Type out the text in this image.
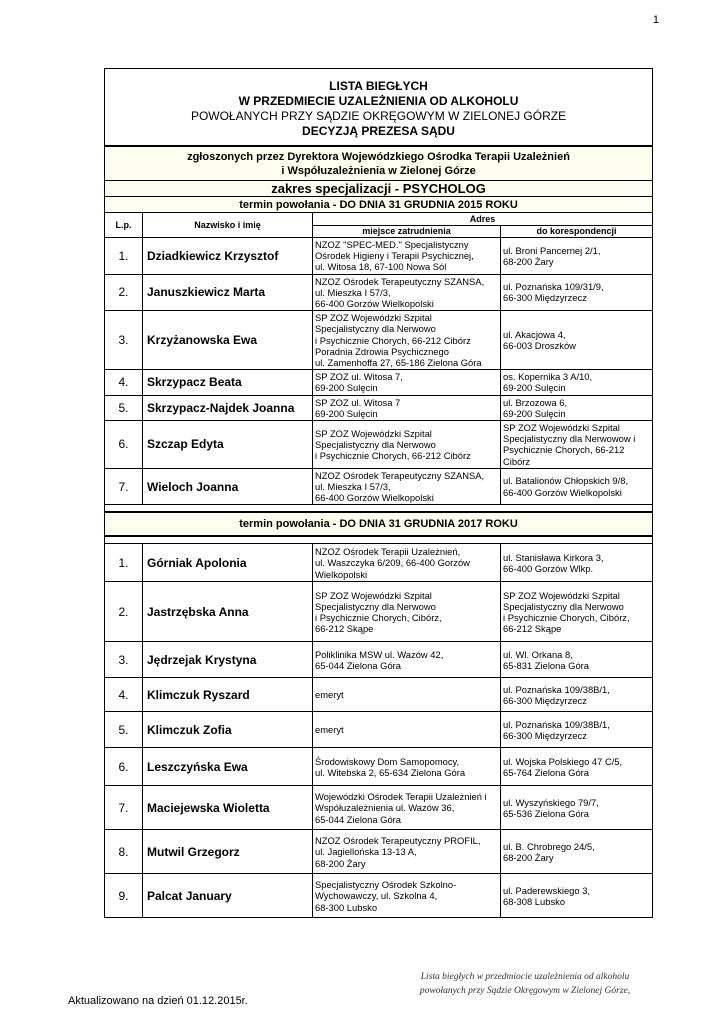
1
LISTA BIEGŁYCH
W PRZEDMIECIE UZALEŻNIENIA OD ALKOHOLU
POWOŁANYCH PRZY SĄDZIE OKRĘGOWYM W ZIELONEJ GÓRZE
DECYZJĄ PREZESA SĄDU			

zgłoszonych przez Dyrektora Wojewódzkiego Ośrodka Terapii Uzależnień
i Współuzależnienia w Zielonej Górze			

zakres specjalizacji - PSYCHOLOG			
termin powołania - DO DNIA 31 GRUDNIA 2015 ROKU			
L.p.	Nazwisko i imię	Adres	
		miejsce zatrudnienia	do korespondencji
1.	Dziadkiewicz Krzysztof	NZOZ "SPEC-MED." Specjalistyczny
Ośrodek Higieny i Terapii Psychicznej,
ul. Witosa 18, 67-100 Nowa Sól	ul. Broni Pancernej 2/1,
68-200 Żary
2.	Januszkiewicz Marta	NZOZ Ośrodek Terapeutyczny SZANSA,
ul. Mieszka I 57/3,
66-400 Gorzów Wielkopolski	ul. Poznańska 109/31/9,
66-300 Międzyrzecz
3.	Krzyżanowska Ewa	SP ZOZ Wojewódzki Szpital
Specjalistyczny dla Nerwowo
i Psychicznie Chorych, 66-212 Cibórz
Poradnia Zdrowia Psychicznego
ul. Zamenhoffa 27, 65-186 Zielona Góra	ul. Akacjowa 4,
66-003 Droszków
4.	Skrzypacz Beata	SP ZOZ ul. Witosa 7,
69-200 Sulęcin	os. Kopernika 3 A/10,
69-200 Sulęcin
5.	Skrzypacz-Najdek Joanna	SP ZOZ ul. Witosa 7
69-200 Sulęcin	ul. Brzozowa 6,
69-200 Sulęcin
6.	Szczap Edyta	SP ZOZ Wojewódzki Szpital
Specjalistyczny dla Nerwowo
i Psychicznie Chorych, 66-212 Cibórz	SP ZOZ Wojewódzki Szpital
Specjalistyczny dla Nerwowow i
Psychicznie Chorych, 66-212
Cibórz
7.	Wieloch Joanna	NZOZ Ośrodek Terapeutyczny SZANSA,
ul. Mieszka I 57/3,
66-400 Gorzów Wielkopolski	ul. Batalionów Chłopskich 9/8,
66-400 Gorzów Wielkopolski

termin powołania - DO DNIA 31 GRUDNIA 2017 ROKU			

1.	Górniak Apolonia	NZOZ Ośrodek Terapii Uzależnień,
ul. Waszczyka 6/209, 66-400 Gorzów
Wielkopolski	ul. Stanisława Kirkora 3,
66-400 Gorzów Wlkp.
2.	Jastrzębska Anna	SP ZOZ Wojewódzki Szpital
Specjalistyczny dla Nerwowo
i Psychicznie Chorych, Cibórz,
66-212 Skąpe	SP ZOZ Wojewódzki Szpital
Specjalistyczny dla Nerwowo
i Psychicznie Chorych, Cibórz,
66-212 Skąpe
3.	Jędrzejak Krystyna	Poliklinika MSW ul. Wazów 42,
65-044 Zielona Góra	ul. Wl. Orkana 8,
65-831 Zielona Góra
4.	Klimczuk Ryszard	emeryt	ul. Poznańska 109/38B/1,
66-300 Międzyrzecz
5.	Klimczuk Zofia	emeryt	ul. Poznańska 109/38B/1,
66-300 Międzyrzecz
6.	Leszczyńska Ewa	Środowiskowy Dom Samopomocy,
ul. Witebska 2, 65-634 Zielona Góra	ul. Wojska Polskiego 47 C/5,
65-764 Zielona Góra
7.	Maciejewska Wioletta	Wojewódzki Ośrodek Terapii Uzależnień i
Współuzależnienia ul. Wazów 36,
65-044 Zielona Góra	ul. Wyszyńskiego 79/7,
65-536 Zielona Góra
8.	Mutwil Grzegorz	NZOZ Ośrodek Terapeutyczny PROFIL,
ul. Jagiellońska 13-13 A,
68-200 Żary	ul. B. Chrobrego 24/5,
68-200 Żary
9.	Palcat January	Specjalistyczny Ośrodek Szkolno-
Wychowawczy, ul. Szkolna 4,
68-300 Lubsko	ul. Paderewskiego 3,
68-308 Lubsko
Lista biegłych w przedmiocie uzależnienia od alkoholu
powołanych przy Sądzie Okręgowym w Zielonej Górze,
Aktualizowano na dzień 01.12.2015r.
